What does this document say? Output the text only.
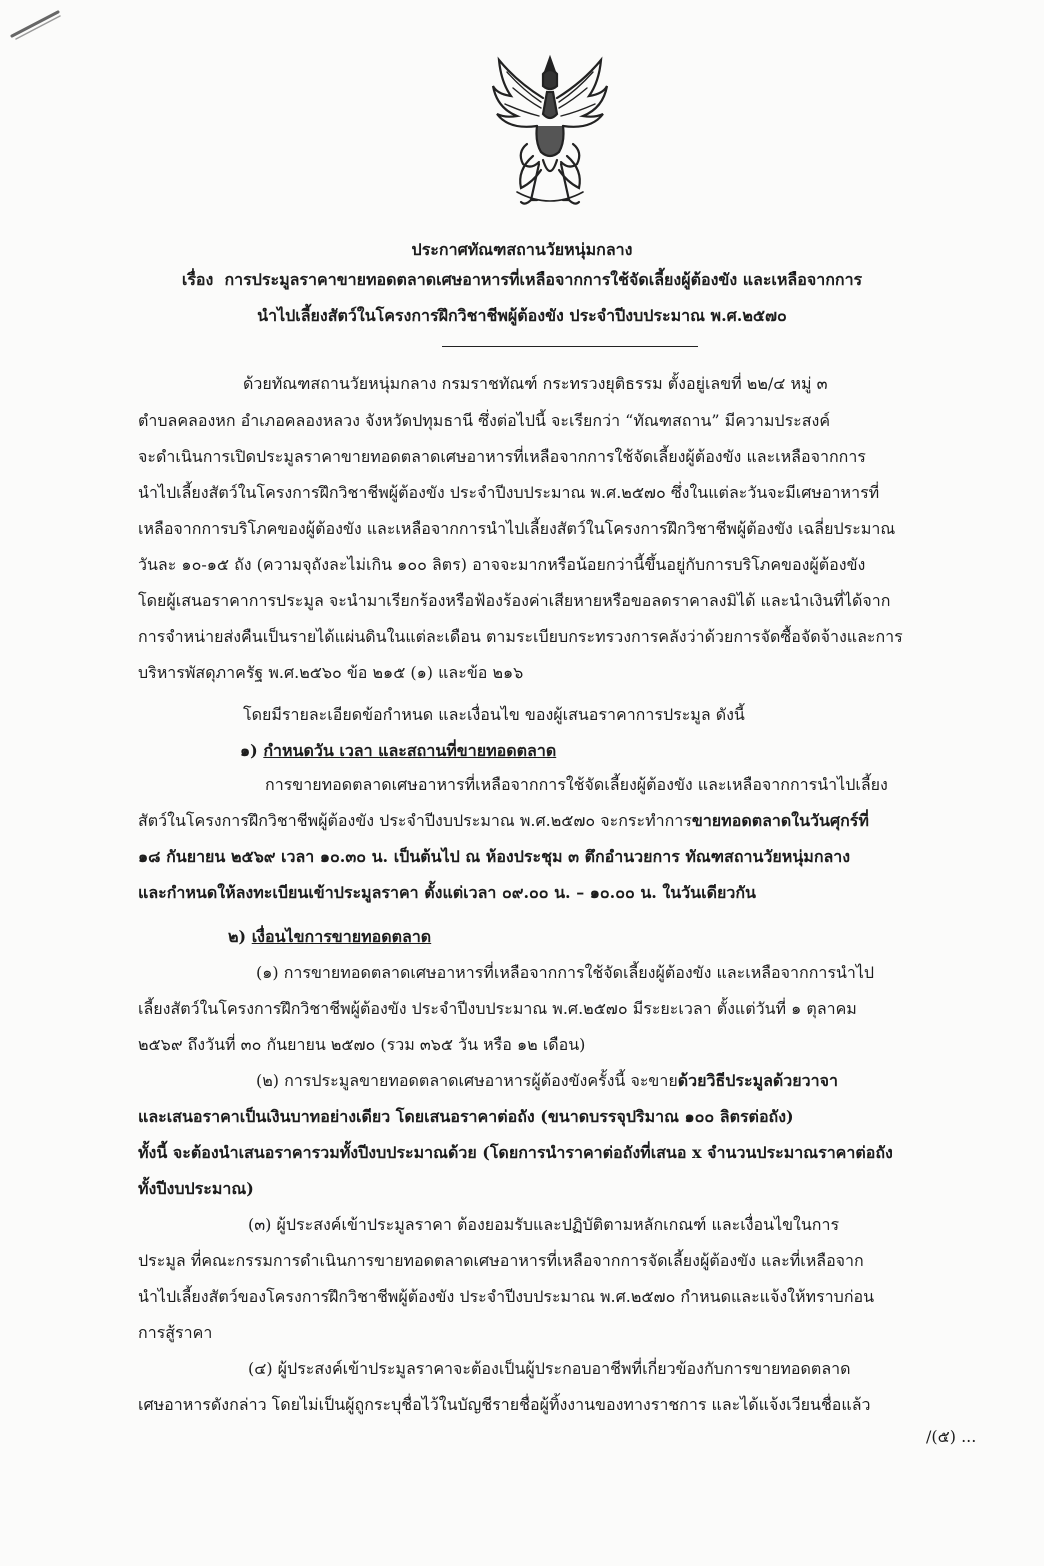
ประกาศทัณฑสถานวัยหนุ่มกลาง
เรื่อง การประมูลราคาขายทอดตลาดเศษอาหารที่เหลือจากการใช้จัดเลี้ยงผู้ต้องขัง และเหลือจากการ
นำไปเลี้ยงสัตว์ในโครงการฝึกวิชาชีพผู้ต้องขัง ประจำปีงบประมาณ พ.ศ.๒๕๗๐
ด้วยทัณฑสถานวัยหนุ่มกลาง กรมราชทัณฑ์ กระทรวงยุติธรรม ตั้งอยู่เลขที่ ๒๒/๔ หมู่ ๓
ตำบลคลองหก อำเภอคลองหลวง จังหวัดปทุมธานี ซึ่งต่อไปนี้ จะเรียกว่า “ทัณฑสถาน” มีความประสงค์
จะดำเนินการเปิดประมูลราคาขายทอดตลาดเศษอาหารที่เหลือจากการใช้จัดเลี้ยงผู้ต้องขัง และเหลือจากการ
นำไปเลี้ยงสัตว์ในโครงการฝึกวิชาชีพผู้ต้องขัง ประจำปีงบประมาณ พ.ศ.๒๕๗๐ ซึ่งในแต่ละวันจะมีเศษอาหารที่
เหลือจากการบริโภคของผู้ต้องขัง และเหลือจากการนำไปเลี้ยงสัตว์ในโครงการฝึกวิชาชีพผู้ต้องขัง เฉลี่ยประมาณ
วันละ ๑๐-๑๕ ถัง (ความจุถังละไม่เกิน ๑๐๐ ลิตร) อาจจะมากหรือน้อยกว่านี้ขึ้นอยู่กับการบริโภคของผู้ต้องขัง
โดยผู้เสนอราคาการประมูล จะนำมาเรียกร้องหรือฟ้องร้องค่าเสียหายหรือขอลดราคาลงมิได้ และนำเงินที่ได้จาก
การจำหน่ายส่งคืนเป็นรายได้แผ่นดินในแต่ละเดือน ตามระเบียบกระทรวงการคลังว่าด้วยการจัดซื้อจัดจ้างและการ
บริหารพัสดุภาครัฐ พ.ศ.๒๕๖๐ ข้อ ๒๑๕ (๑) และข้อ ๒๑๖
โดยมีรายละเอียดข้อกำหนด และเงื่อนไข ของผู้เสนอราคาการประมูล ดังนี้
๑) กำหนดวัน เวลา และสถานที่ขายทอดตลาด
การขายทอดตลาดเศษอาหารที่เหลือจากการใช้จัดเลี้ยงผู้ต้องขัง และเหลือจากการนำไปเลี้ยง
สัตว์ในโครงการฝึกวิชาชีพผู้ต้องขัง ประจำปีงบประมาณ พ.ศ.๒๕๗๐ จะกระทำการขายทอดตลาดในวันศุกร์ที่
๑๘ กันยายน ๒๕๖๙ เวลา ๑๐.๓๐ น. เป็นต้นไป ณ ห้องประชุม ๓ ตึกอำนวยการ ทัณฑสถานวัยหนุ่มกลาง
และกำหนดให้ลงทะเบียนเข้าประมูลราคา ตั้งแต่เวลา ๐๙.๐๐ น. – ๑๐.๐๐ น. ในวันเดียวกัน
๒) เงื่อนไขการขายทอดตลาด
(๑) การขายทอดตลาดเศษอาหารที่เหลือจากการใช้จัดเลี้ยงผู้ต้องขัง และเหลือจากการนำไป
เลี้ยงสัตว์ในโครงการฝึกวิชาชีพผู้ต้องขัง ประจำปีงบประมาณ พ.ศ.๒๕๗๐ มีระยะเวลา ตั้งแต่วันที่ ๑ ตุลาคม
๒๕๖๙ ถึงวันที่ ๓๐ กันยายน ๒๕๗๐ (รวม ๓๖๕ วัน หรือ ๑๒ เดือน)
(๒) การประมูลขายทอดตลาดเศษอาหารผู้ต้องขังครั้งนี้ จะขายด้วยวิธีประมูลด้วยวาจา
และเสนอราคาเป็นเงินบาทอย่างเดียว โดยเสนอราคาต่อถัง (ขนาดบรรจุปริมาณ ๑๐๐ ลิตรต่อถัง)
ทั้งนี้ จะต้องนำเสนอราคารวมทั้งปีงบประมาณด้วย (โดยการนำราคาต่อถังที่เสนอ x จำนวนประมาณราคาต่อถัง
ทั้งปีงบประมาณ)
(๓) ผู้ประสงค์เข้าประมูลราคา ต้องยอมรับและปฏิบัติตามหลักเกณฑ์ และเงื่อนไขในการ
ประมูล ที่คณะกรรมการดำเนินการขายทอดตลาดเศษอาหารที่เหลือจากการจัดเลี้ยงผู้ต้องขัง และที่เหลือจาก
นำไปเลี้ยงสัตว์ของโครงการฝึกวิชาชีพผู้ต้องขัง ประจำปีงบประมาณ พ.ศ.๒๕๗๐ กำหนดและแจ้งให้ทราบก่อน
การสู้ราคา
(๔) ผู้ประสงค์เข้าประมูลราคาจะต้องเป็นผู้ประกอบอาชีพที่เกี่ยวข้องกับการขายทอดตลาด
เศษอาหารดังกล่าว โดยไม่เป็นผู้ถูกระบุชื่อไว้ในบัญชีรายชื่อผู้ทิ้งงานของทางราชการ และได้แจ้งเวียนชื่อแล้ว
/(๕) ...
